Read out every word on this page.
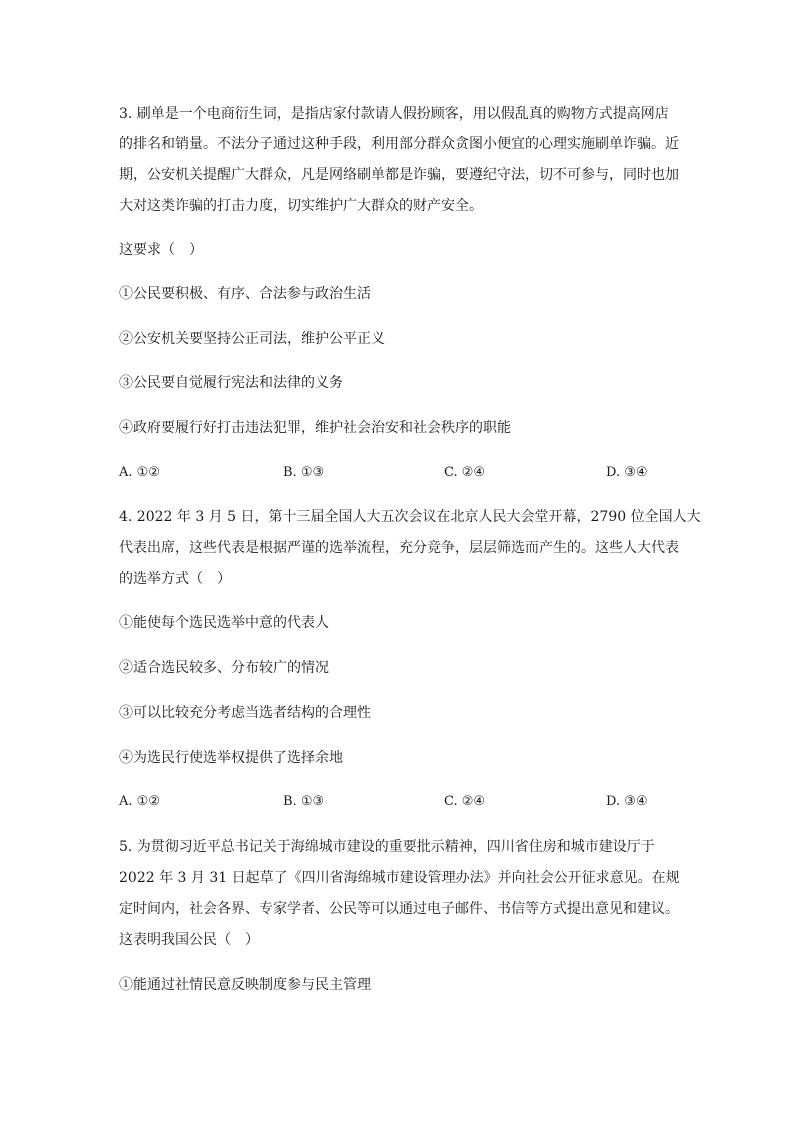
3. 刷单是一个电商衍生词，是指店家付款请人假扮顾客，用以假乱真的购物方式提高网店
的排名和销量。不法分子通过这种手段，利用部分群众贪图小便宜的心理实施刷单诈骗。近
期，公安机关提醒广大群众，凡是网络刷单都是诈骗，要遵纪守法，切不可参与，同时也加
大对这类诈骗的打击力度，切实维护广大群众的财产安全。
这要求（　）
①公民要积极、有序、合法参与政治生活
②公安机关要坚持公正司法，维护公平正义
③公民要自觉履行宪法和法律的义务
④政府要履行好打击违法犯罪，维护社会治安和社会秩序的职能
A. ①②	B. ①③	C. ②④	D. ③④
4. 2022 年 3 月 5 日，第十三届全国人大五次会议在北京人民大会堂开幕，2790 位全国人大
代表出席，这些代表是根据严谨的选举流程，充分竞争，层层筛选而产生的。这些人大代表
的选举方式（　）
①能使每个选民选举中意的代表人
②适合选民较多、分布较广的情况
③可以比较充分考虑当选者结构的合理性
④为选民行使选举权提供了选择余地
A. ①②	B. ①③	C. ②④	D. ③④
5. 为贯彻习近平总书记关于海绵城市建设的重要批示精神，四川省住房和城市建设厅于
2022 年 3 月 31 日起草了《四川省海绵城市建设管理办法》并向社会公开征求意见。在规
定时间内，社会各界、专家学者、公民等可以通过电子邮件、书信等方式提出意见和建议。
这表明我国公民（　）
①能通过社情民意反映制度参与民主管理
